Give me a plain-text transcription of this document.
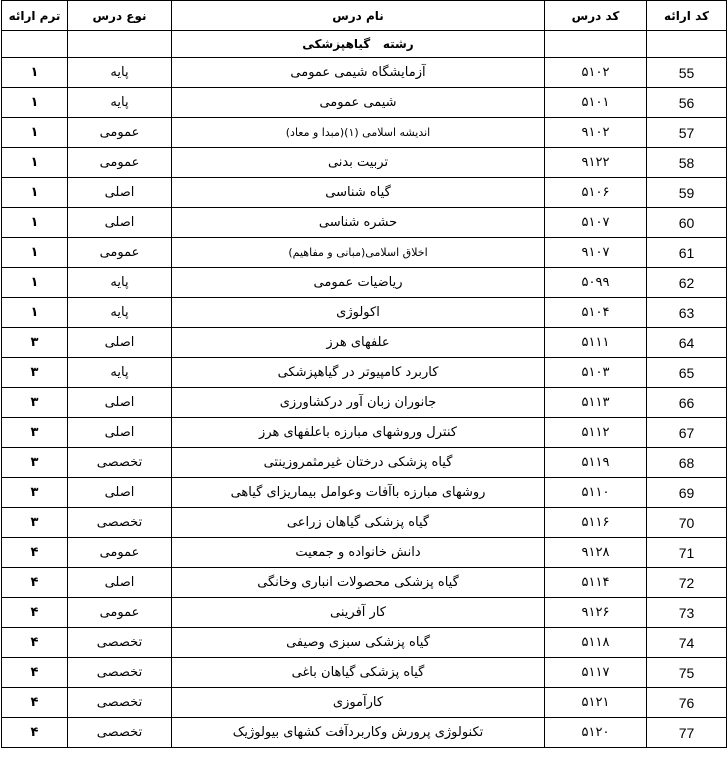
کد ارائه	کد درس	نام درس	نوع درس	ترم ارائه
		رشته   گیاهپزشکی		
55	۵۱۰۲	آزمایشگاه شیمی عمومی	پایه	۱
56	۵۱۰۱	شیمی عمومی	پایه	۱
57	۹۱۰۲	اندیشه اسلامی (۱)(مبدا و معاد)	عمومی	۱
58	۹۱۲۲	تربیت بدنی	عمومی	۱
59	۵۱۰۶	گیاه شناسی	اصلی	۱
60	۵۱۰۷	حشره شناسی	اصلی	۱
61	۹۱۰۷	اخلاق اسلامی(مبانی و مفاهیم)	عمومی	۱
62	۵۰۹۹	ریاضیات عمومی	پایه	۱
63	۵۱۰۴	اکولوژی	پایه	۱
64	۵۱۱۱	علفهای هرز	اصلی	۳
65	۵۱۰۳	کاربرد کامپیوتر در گیاهپزشکی	پایه	۳
66	۵۱۱۳	جانوران زبان آور درکشاورزی	اصلی	۳
67	۵۱۱۲	کنترل وروشهای مبارزه باعلفهای هرز	اصلی	۳
68	۵۱۱۹	گیاه پزشکی درختان غیرمثمروزینتی	تخصصی	۳
69	۵۱۱۰	روشهای مبارزه باآفات وعوامل بیماریزای گیاهی	اصلی	۳
70	۵۱۱۶	گیاه پزشکی گیاهان زراعی	تخصصی	۳
71	۹۱۲۸	دانش خانواده و جمعیت	عمومی	۴
72	۵۱۱۴	گیاه پزشکی محصولات انباری وخانگی	اصلی	۴
73	۹۱۲۶	کار آفرینی	عمومی	۴
74	۵۱۱۸	گیاه پزشکی سبزی وصیفی	تخصصی	۴
75	۵۱۱۷	گیاه پزشکی گیاهان باغی	تخصصی	۴
76	۵۱۲۱	کارآموزی	تخصصی	۴
77	۵۱۲۰	تکنولوژی پرورش وکاربردآفت کشهای بیولوژیک	تخصصی	۴
